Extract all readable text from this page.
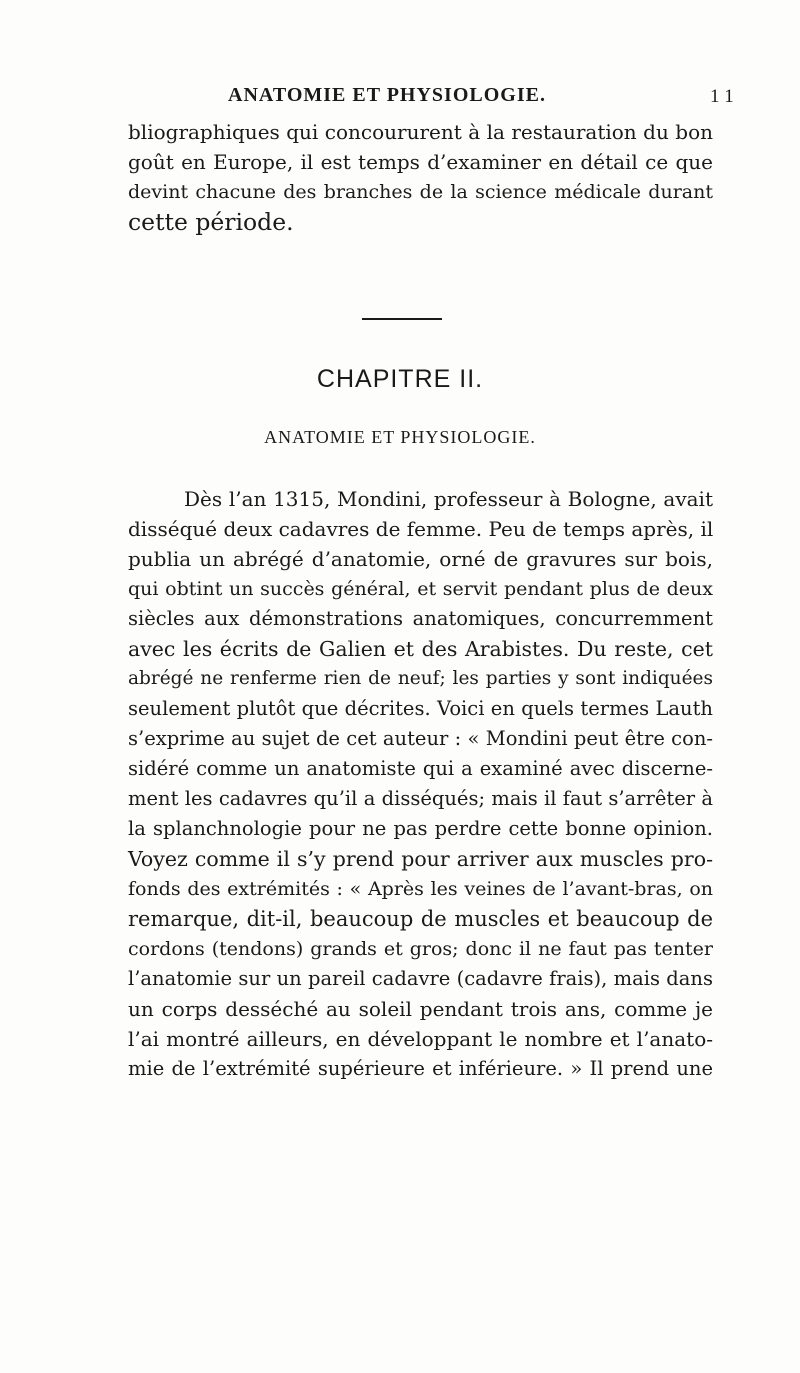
ANATOMIE ET PHYSIOLOGIE.	1 1
bliographiques qui concoururent à la restauration du bon
goût en Europe, il est temps d’examiner en détail ce que
devint chacune des branches de la science médicale durant
cette période.
CHAPITRE II.
ANATOMIE ET PHYSIOLOGIE.
Dès l’an 1315, Mondini, professeur à Bologne, avait
disséqué deux cadavres de femme. Peu de temps après, il
publia un abrégé d’anatomie, orné de gravures sur bois,
qui obtint un succès général, et servit pendant plus de deux
siècles aux démonstrations anatomiques, concurremment
avec les écrits de Galien et des Arabistes. Du reste, cet
abrégé ne renferme rien de neuf; les parties y sont indiquées
seulement plutôt que décrites. Voici en quels termes Lauth
s’exprime au sujet de cet auteur : « Mondini peut être con-
sidéré comme un anatomiste qui a examiné avec discerne-
ment les cadavres qu’il a disséqués; mais il faut s’arrêter à
la splanchnologie pour ne pas perdre cette bonne opinion.
Voyez comme il s’y prend pour arriver aux muscles pro-
fonds des extrémités : « Après les veines de l’avant-bras, on
remarque, dit-il, beaucoup de muscles et beaucoup de
cordons (tendons) grands et gros; donc il ne faut pas tenter
l’anatomie sur un pareil cadavre (cadavre frais), mais dans
un corps desséché au soleil pendant trois ans, comme je
l’ai montré ailleurs, en développant le nombre et l’anato-
mie de l’extrémité supérieure et inférieure. » Il prend une
